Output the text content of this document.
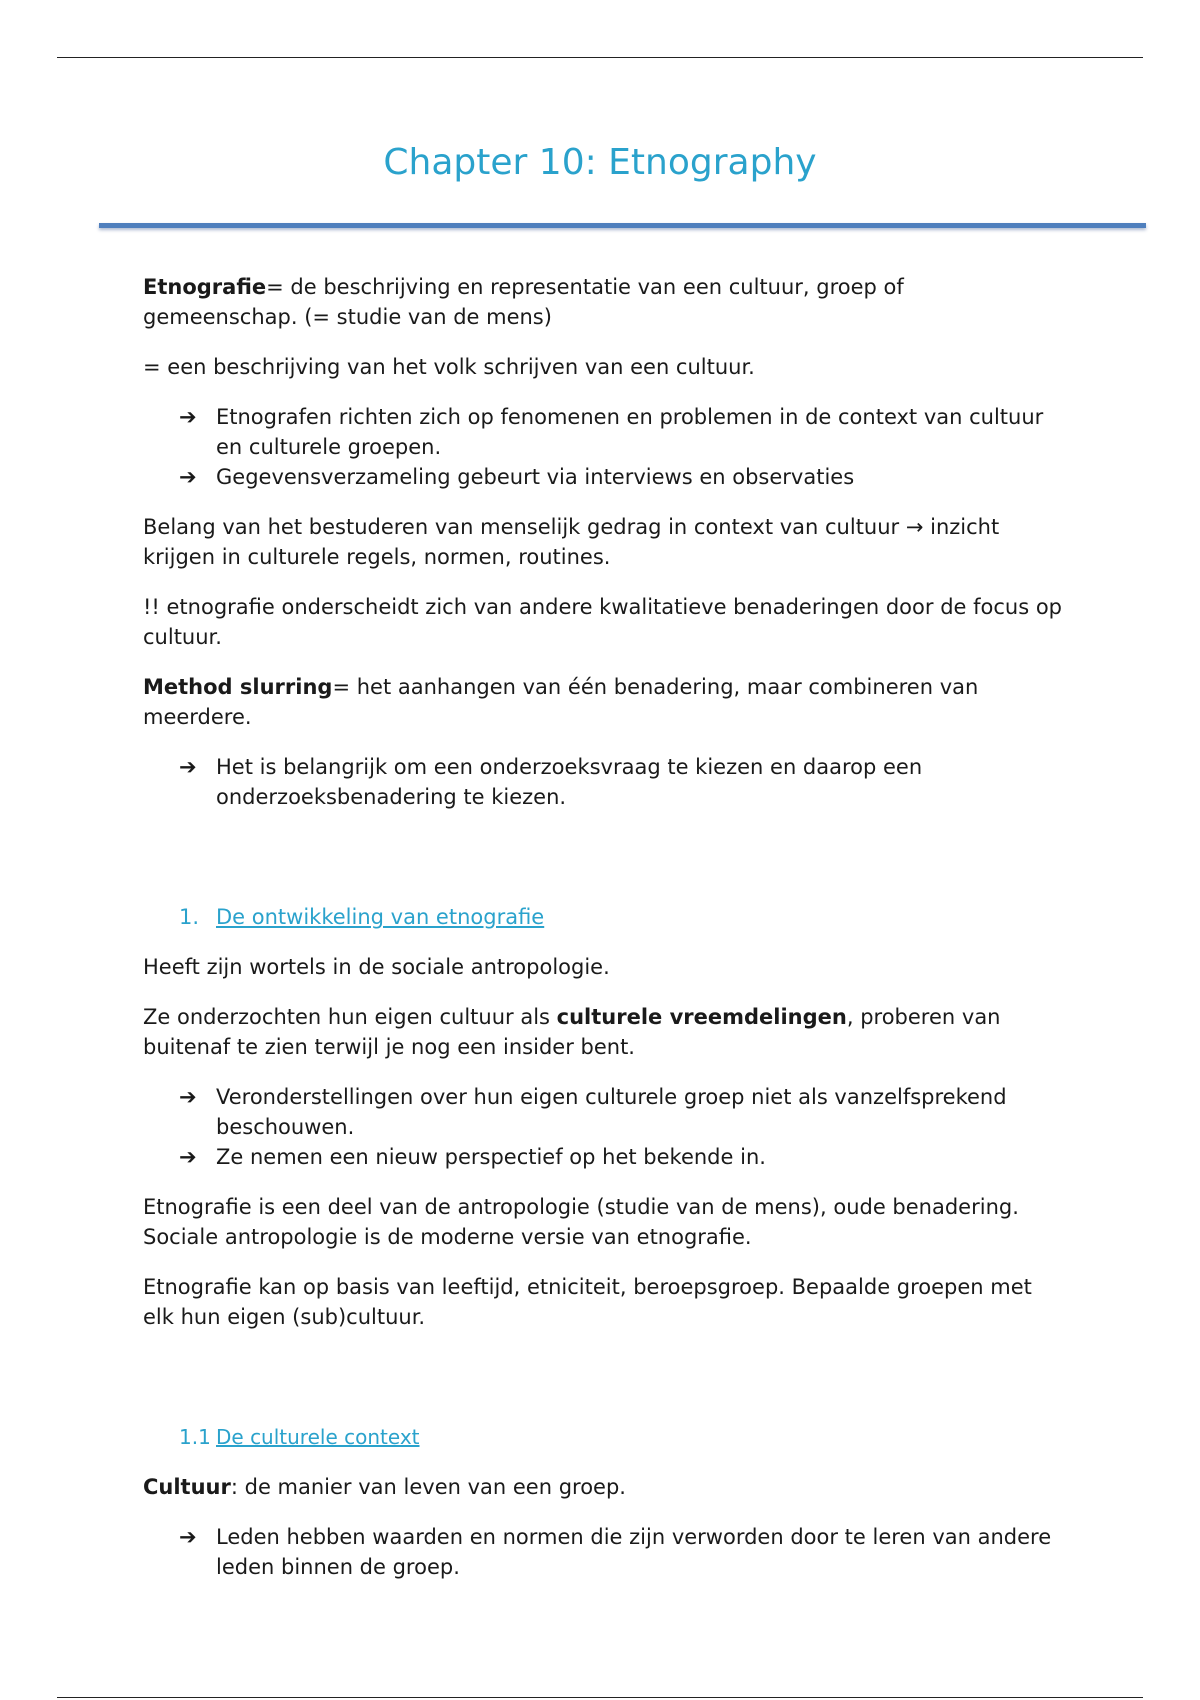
Chapter 10: Etnography

Etnografie= de beschrijving en representatie van een cultuur, groep of gemeenschap. (= studie van de mens)

= een beschrijving van het volk schrijven van een cultuur.

➔ Etnografen richten zich op fenomenen en problemen in de context van cultuur en culturele groepen.
➔ Gegevensverzameling gebeurt via interviews en observaties

Belang van het bestuderen van menselijk gedrag in context van cultuur → inzicht krijgen in culturele regels, normen, routines.

!! etnografie onderscheidt zich van andere kwalitatieve benaderingen door de focus op cultuur.

Method slurring= het aanhangen van één benadering, maar combineren van meerdere.

➔ Het is belangrijk om een onderzoeksvraag te kiezen en daarop een onderzoeksbenadering te kiezen.
1. De ontwikkeling van etnografie

Heeft zijn wortels in de sociale antropologie.

Ze onderzochten hun eigen cultuur als culturele vreemdelingen, proberen van buitenaf te zien terwijl je nog een insider bent.

➔ Veronderstellingen over hun eigen culturele groep niet als vanzelfsprekend beschouwen.
➔ Ze nemen een nieuw perspectief op het bekende in.

Etnografie is een deel van de antropologie (studie van de mens), oude benadering. Sociale antropologie is de moderne versie van etnografie.

Etnografie kan op basis van leeftijd, etniciteit, beroepsgroep. Bepaalde groepen met elk hun eigen (sub)cultuur.

1.1 De culturele context

Cultuur: de manier van leven van een groep.

➔ Leden hebben waarden en normen die zijn verworden door te leren van andere leden binnen de groep.
